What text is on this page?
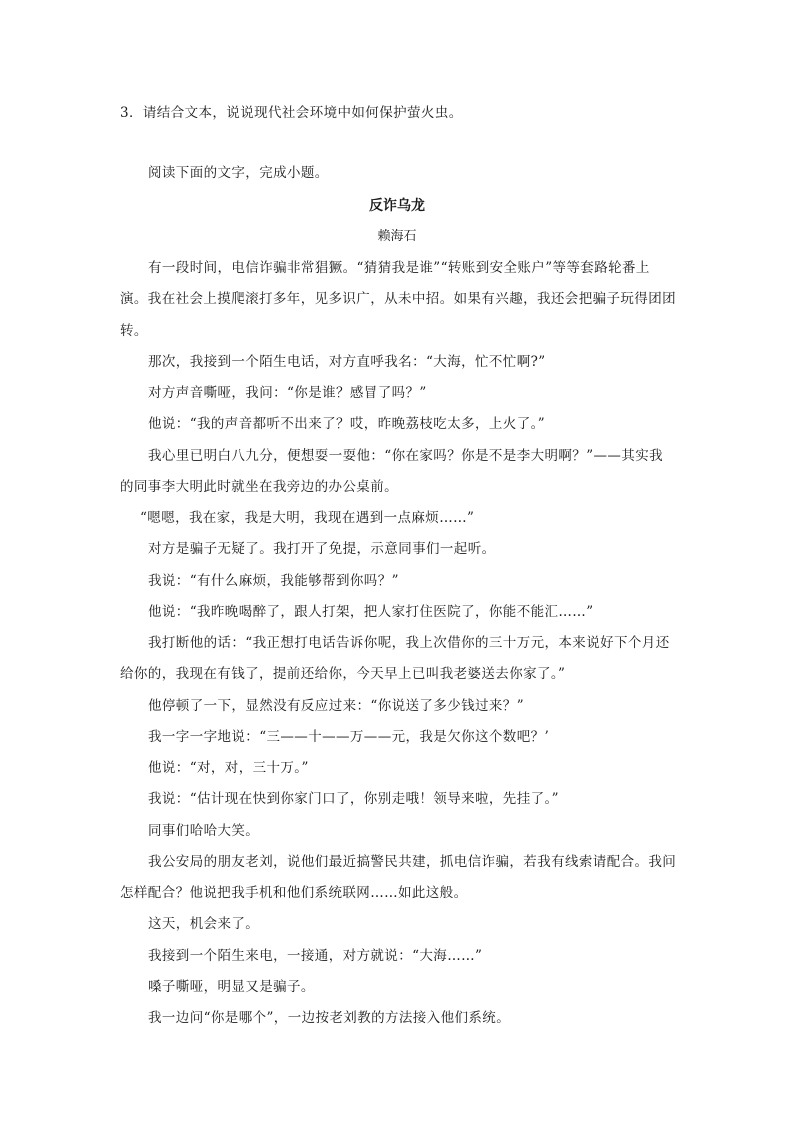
3．请结合文本，说说现代社会环境中如何保护萤火虫。
阅读下面的文字，完成小题。
反诈乌龙
赖海石
有一段时间，电信诈骗非常猖獗。“猜猜我是谁”“转账到安全账户”等等套路轮番上
演。我在社会上摸爬滚打多年，见多识广，从未中招。如果有兴趣，我还会把骗子玩得团团
转。
那次，我接到一个陌生电话，对方直呼我名：“大海，忙不忙啊?”
对方声音嘶哑，我问：“你是谁？感冒了吗？”
他说：“我的声音都听不出来了？哎，昨晚荔枝吃太多，上火了。”
我心里已明白八九分，便想耍一耍他：“你在家吗？你是不是李大明啊？”——其实我
的同事李大明此时就坐在我旁边的办公桌前。
“嗯嗯，我在家，我是大明，我现在遇到一点麻烦……”
对方是骗子无疑了。我打开了免提，示意同事们一起听。
我说：“有什么麻烦，我能够帮到你吗？”
他说：“我昨晚喝醉了，跟人打架，把人家打住医院了，你能不能汇……”
我打断他的话：“我正想打电话告诉你呢，我上次借你的三十万元，本来说好下个月还
给你的，我现在有钱了，提前还给你，今天早上已叫我老婆送去你家了。”
他停顿了一下，显然没有反应过来：“你说送了多少钱过来？”
我一字一字地说：“三——十——万——元，我是欠你这个数吧？’
他说：“对，对，三十万。”
我说：“估计现在快到你家门口了，你别走哦！领导来啦，先挂了。”
同事们哈哈大笑。
我公安局的朋友老刘，说他们最近搞警民共建，抓电信诈骗，若我有线索请配合。我问
怎样配合？他说把我手机和他们系统联网……如此这般。
这天，机会来了。
我接到一个陌生来电，一接通，对方就说：“大海……”
嗓子嘶哑，明显又是骗子。
我一边问“你是哪个”，一边按老刘教的方法接入他们系统。
